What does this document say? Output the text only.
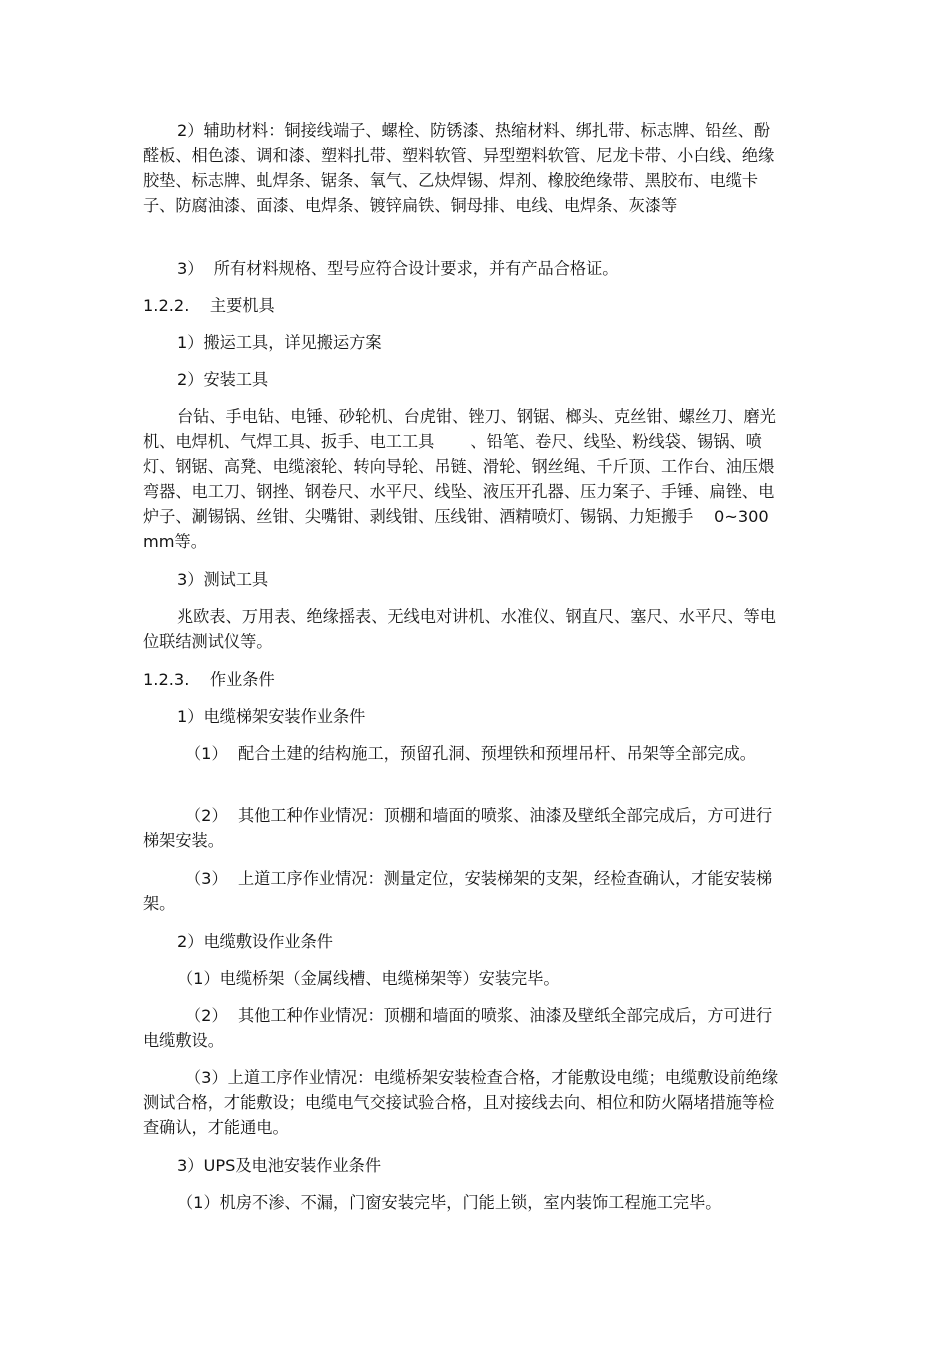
2）辅助材料：铜接线端子、螺栓、防锈漆、热缩材料、绑扎带、标志牌、铅丝、酚醛板、相色漆、调和漆、塑料扎带、塑料软管、异型塑料软管、尼龙卡带、小白线、绝缘胶垫、标志牌、虬焊条、锯条、氧气、乙炔焊锡、焊剂、橡胶绝缘带、黑胶布、电缆卡子、防腐油漆、面漆、电焊条、镀锌扁铁、铜母排、电线、电焊条、灰漆等

3）  所有材料规格、型号应符合设计要求，并有产品合格证。

1.2.2.    主要机具

1）搬运工具，详见搬运方案

2）安装工具

台钻、手电钻、电锤、砂轮机、台虎钳、锉刀、钢锯、榔头、克丝钳、螺丝刀、磨光机、电焊机、气焊工具、扳手、电工工具       、铅笔、卷尺、线坠、粉线袋、锡锅、喷灯、钢锯、高凳、电缆滚轮、转向导轮、吊链、滑轮、钢丝绳、千斤顶、工作台、油压煨弯器、电工刀、钢挫、钢卷尺、水平尺、线坠、液压开孔器、压力案子、手锤、扁锉、电炉子、涮锡锅、丝钳、尖嘴钳、剥线钳、压线钳、酒精喷灯、锡锅、力矩搬手    0~300mm等。

3）测试工具

兆欧表、万用表、绝缘摇表、无线电对讲机、水准仪、钢直尺、塞尺、水平尺、等电位联结测试仪等。

1.2.3.    作业条件

1）电缆梯架安装作业条件

（1）  配合土建的结构施工，预留孔洞、预埋铁和预埋吊杆、吊架等全部完成。

（2）  其他工种作业情况：顶棚和墙面的喷浆、油漆及壁纸全部完成后，方可进行梯架安装。

（3）  上道工序作业情况：测量定位，安装梯架的支架，经检查确认，才能安装梯架。

2）电缆敷设作业条件

（1）电缆桥架（金属线槽、电缆梯架等）安装完毕。

（2）  其他工种作业情况：顶棚和墙面的喷浆、油漆及壁纸全部完成后，方可进行电缆敷设。

（3）上道工序作业情况：电缆桥架安装检查合格，才能敷设电缆；电缆敷设前绝缘测试合格，才能敷设；电缆电气交接试验合格，且对接线去向、相位和防火隔堵措施等检查确认，才能通电。

3）UPS及电池安装作业条件

（1）机房不渗、不漏，门窗安装完毕，门能上锁，室内装饰工程施工完毕。
